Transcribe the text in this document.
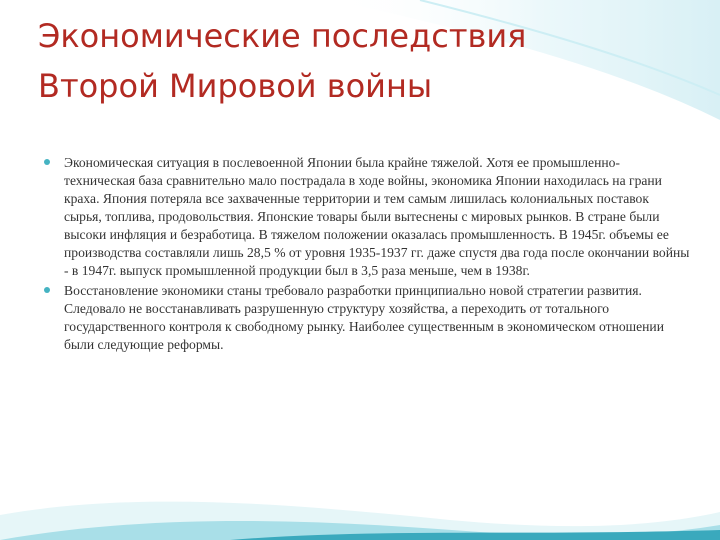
Экономические последствия
Второй Мировой войны
Экономическая ситуация в послевоенной Японии была крайне тяжелой. Хотя ее промышленно-техническая база сравнительно мало пострадала в ходе войны, экономика Японии находилась на грани краха. Япония потеряла все захваченные территории и тем самым лишилась колониальных поставок сырья, топлива, продовольствия. Японские товары были вытеснены с мировых рынков. В стране были высоки инфляция и безработица. В тяжелом положении оказалась промышленность. В 1945г. объемы ее производства составляли лишь 28,5 % от уровня 1935-1937 гг. даже спустя два года после окончании войны - в 1947г. выпуск промышленной продукции был в 3,5 раза меньше, чем в 1938г.
Восстановление экономики станы требовало разработки принципиально новой стратегии развития. Следовало не восстанавливать разрушенную структуру хозяйства, а переходить от тотального государственного контроля к свободному рынку. Наиболее существенным в экономическом отношении были следующие реформы.
